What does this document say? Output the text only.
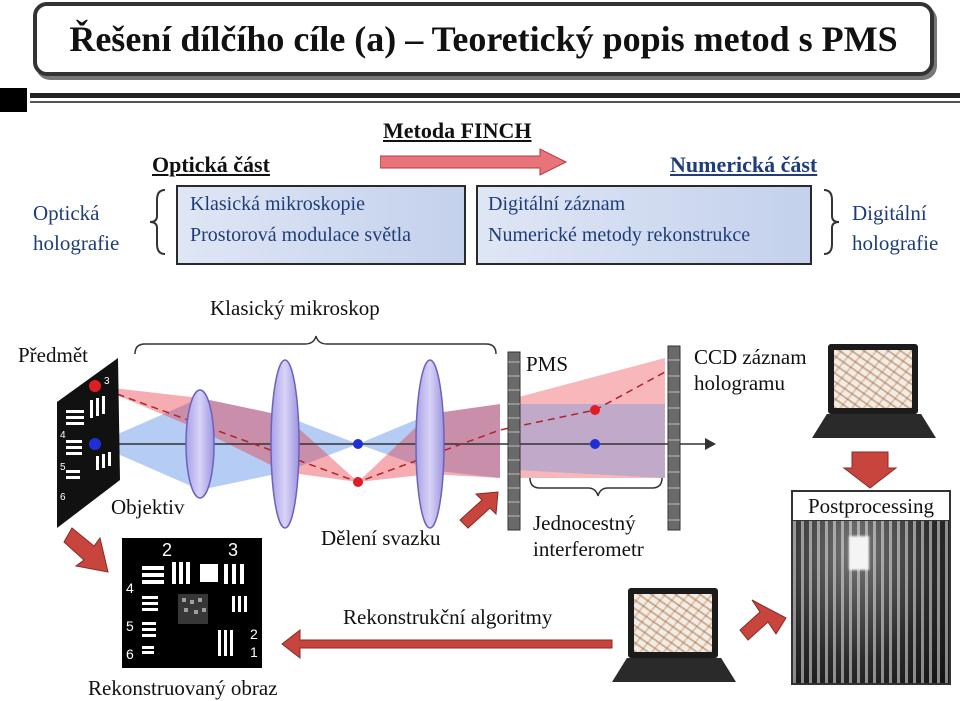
Řešení dílčího cíle (a) – Teoretický popis metod s PMS
Metoda FINCH
Optická část	Numerická část
Optická holografie
Klasická mikroskopie
Prostorová modulace světla
Digitální záznam
Numerické metody rekonstrukce
Digitální holografie
3
4
5
6
Klasický mikroskop
Předmět	PMS	CCD záznam hologramu
Objektiv
Dělení svazku
Jednocestný interferometr
Rekonstrukční algoritmy
Rekonstruovaný obraz
Postprocessing
2	3
4
5
6
2
1
